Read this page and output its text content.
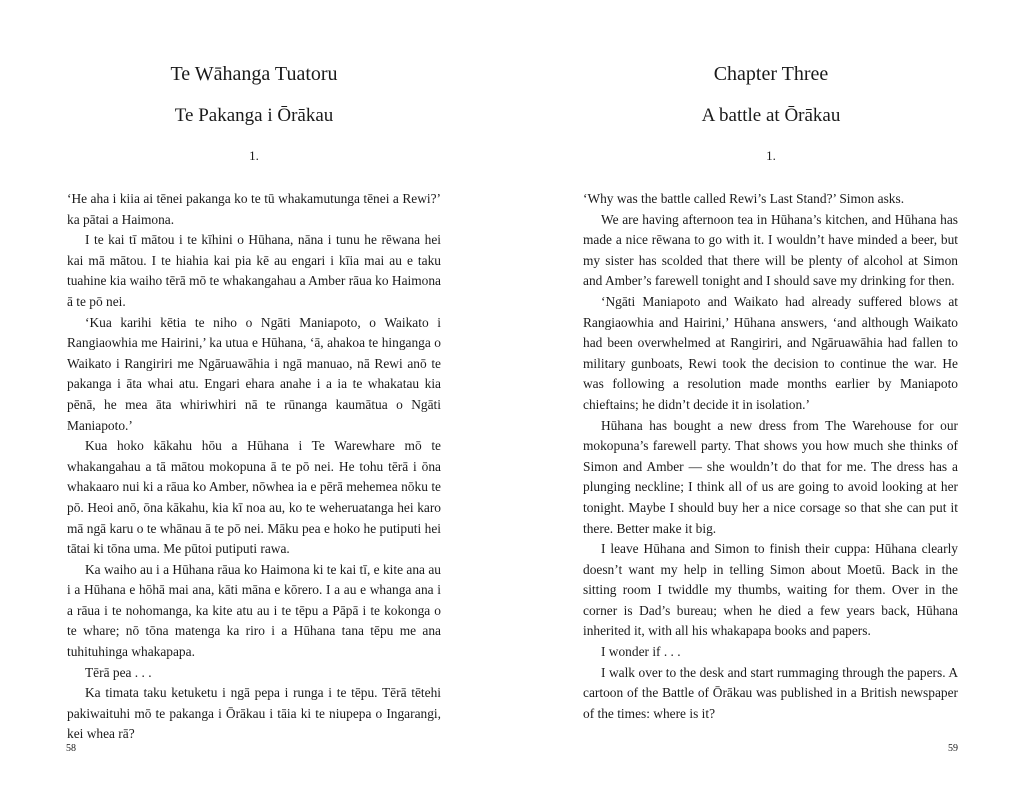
Te Wāhanga Tuatoru
Te Pakanga i Ōrākau
1.

‘He aha i kiia ai tēnei pakanga ko te tū whakamutunga tēnei a Rewi?’ ka pātai a Haimona.

I te kai tī mātou i te kīhini o Hūhana, nāna i tunu he rēwana hei kai mā mātou. I te hiahia kai pia kē au engari i kīia mai au e taku tuahine kia waiho tērā mō te whakangahau a Amber rāua ko Haimona ā te pō nei.

‘Kua karihi kētia te niho o Ngāti Maniapoto, o Waikato i Rangiaowhia me Hairini,’ ka utua e Hūhana, ‘ā, ahakoa te hinganga o Waikato i Rangiriri me Ngāruawāhia i ngā manuao, nā Rewi anō te pakanga i āta whai atu. Engari ehara anahe i a ia te whakatau kia pēnā, he mea āta whiriwhiri nā te rūnanga kaumātua o Ngāti Maniapoto.’

Kua hoko kākahu hōu a Hūhana i Te Warewhare mō te whakangahau a tā mātou mokopuna ā te pō nei. He tohu tērā i ōna whakaaro nui ki a rāua ko Amber, nōwhea ia e pērā mehemea nōku te pō. Heoi anō, ōna kākahu, kia kī noa au, ko te weheruatanga hei karo mā ngā karu o te whānau ā te pō nei. Māku pea e hoko he putiputi hei tātai ki tōna uma. Me pūtoi putiputi rawa.

Ka waiho au i a Hūhana rāua ko Haimona ki te kai tī, e kite ana au i a Hūhana e hōhā mai ana, kāti māna e kōrero. I a au e whanga ana i a rāua i te nohomanga, ka kite atu au i te tēpu a Pāpā i te kokonga o te whare; nō tōna matenga ka riro i a Hūhana tana tēpu me ana tuhituhinga whakapapa.

Tērā pea . . .

Ka timata taku ketuketu i ngā pepa i runga i te tēpu. Tērā tētehi pakiwaituhi mō te pakanga i Ōrākau i tāia ki te niupepa o Ingarangi, kei whea rā?

58
Chapter Three
A battle at Ōrākau
1.

‘Why was the battle called Rewi’s Last Stand?’ Simon asks.

We are having afternoon tea in Hūhana’s kitchen, and Hūhana has made a nice rēwana to go with it. I wouldn’t have minded a beer, but my sister has scolded that there will be plenty of alcohol at Simon and Amber’s farewell tonight and I should save my drinking for then.

‘Ngāti Maniapoto and Waikato had already suffered blows at Rangiaowhia and Hairini,’ Hūhana answers, ‘and although Waikato had been overwhelmed at Rangiriri, and Ngāruawāhia had fallen to military gunboats, Rewi took the decision to continue the war. He was following a resolution made months earlier by Maniapoto chieftains; he didn’t decide it in isolation.’

Hūhana has bought a new dress from The Warehouse for our mokopuna’s farewell party. That shows you how much she thinks of Simon and Amber — she wouldn’t do that for me. The dress has a plunging neckline; I think all of us are going to avoid looking at her tonight. Maybe I should buy her a nice corsage so that she can put it there. Better make it big.

I leave Hūhana and Simon to finish their cuppa: Hūhana clearly doesn’t want my help in telling Simon about Moetū. Back in the sitting room I twiddle my thumbs, waiting for them. Over in the corner is Dad’s bureau; when he died a few years back, Hūhana inherited it, with all his whakapapa books and papers.

I wonder if . . .

I walk over to the desk and start rummaging through the papers. A cartoon of the Battle of Ōrākau was published in a British newspaper of the times: where is it?

59
